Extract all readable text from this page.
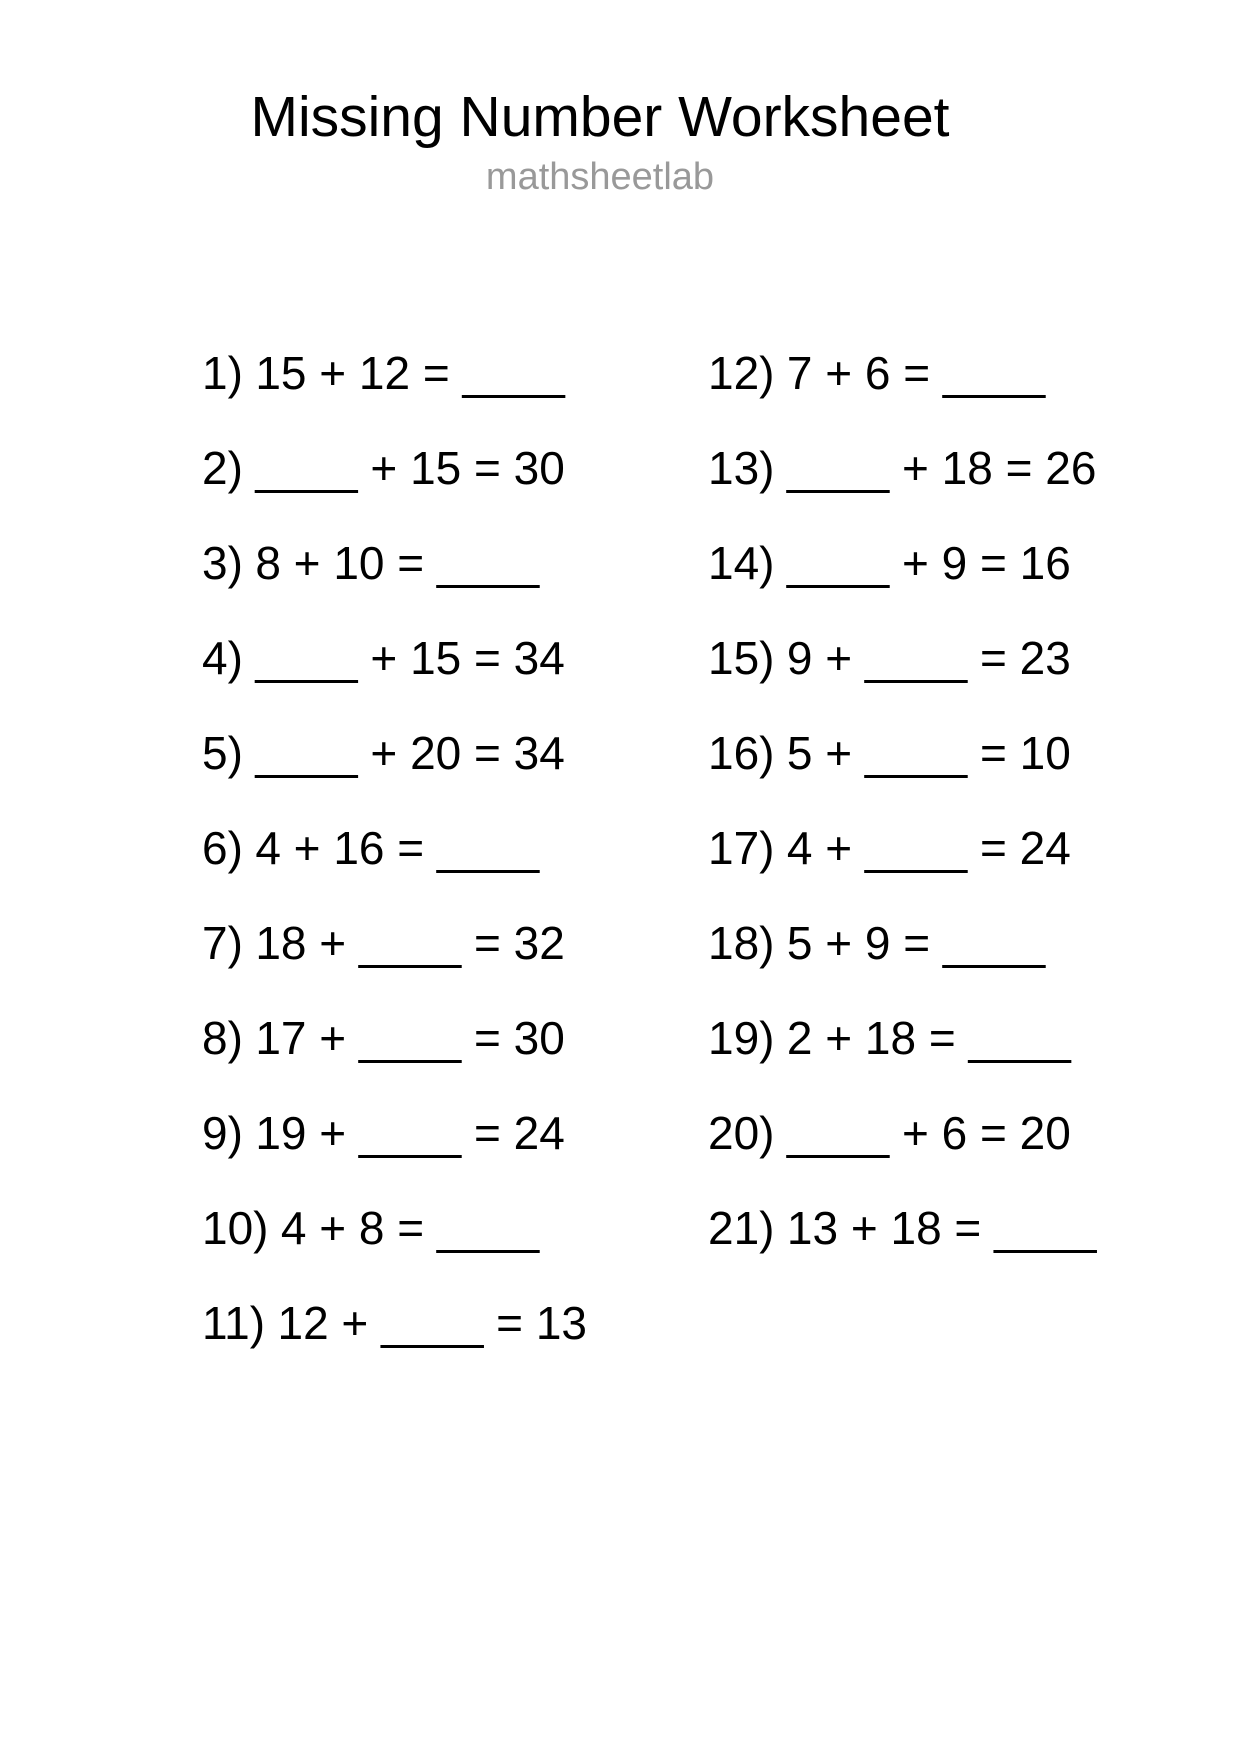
Missing Number Worksheet
mathsheetlab
1) 15 + 12 = ____
2) ____ + 15 = 30
3) 8 + 10 = ____
4) ____ + 15 = 34
5) ____ + 20 = 34
6) 4 + 16 = ____
7) 18 + ____ = 32
8) 17 + ____ = 30
9) 19 + ____ = 24
10) 4 + 8 = ____
11) 12 + ____ = 13
12) 7 + 6 = ____
13) ____ + 18 = 26
14) ____ + 9 = 16
15) 9 + ____ = 23
16) 5 + ____ = 10
17) 4 + ____ = 24
18) 5 + 9 = ____
19) 2 + 18 = ____
20) ____ + 6 = 20
21) 13 + 18 = ____
